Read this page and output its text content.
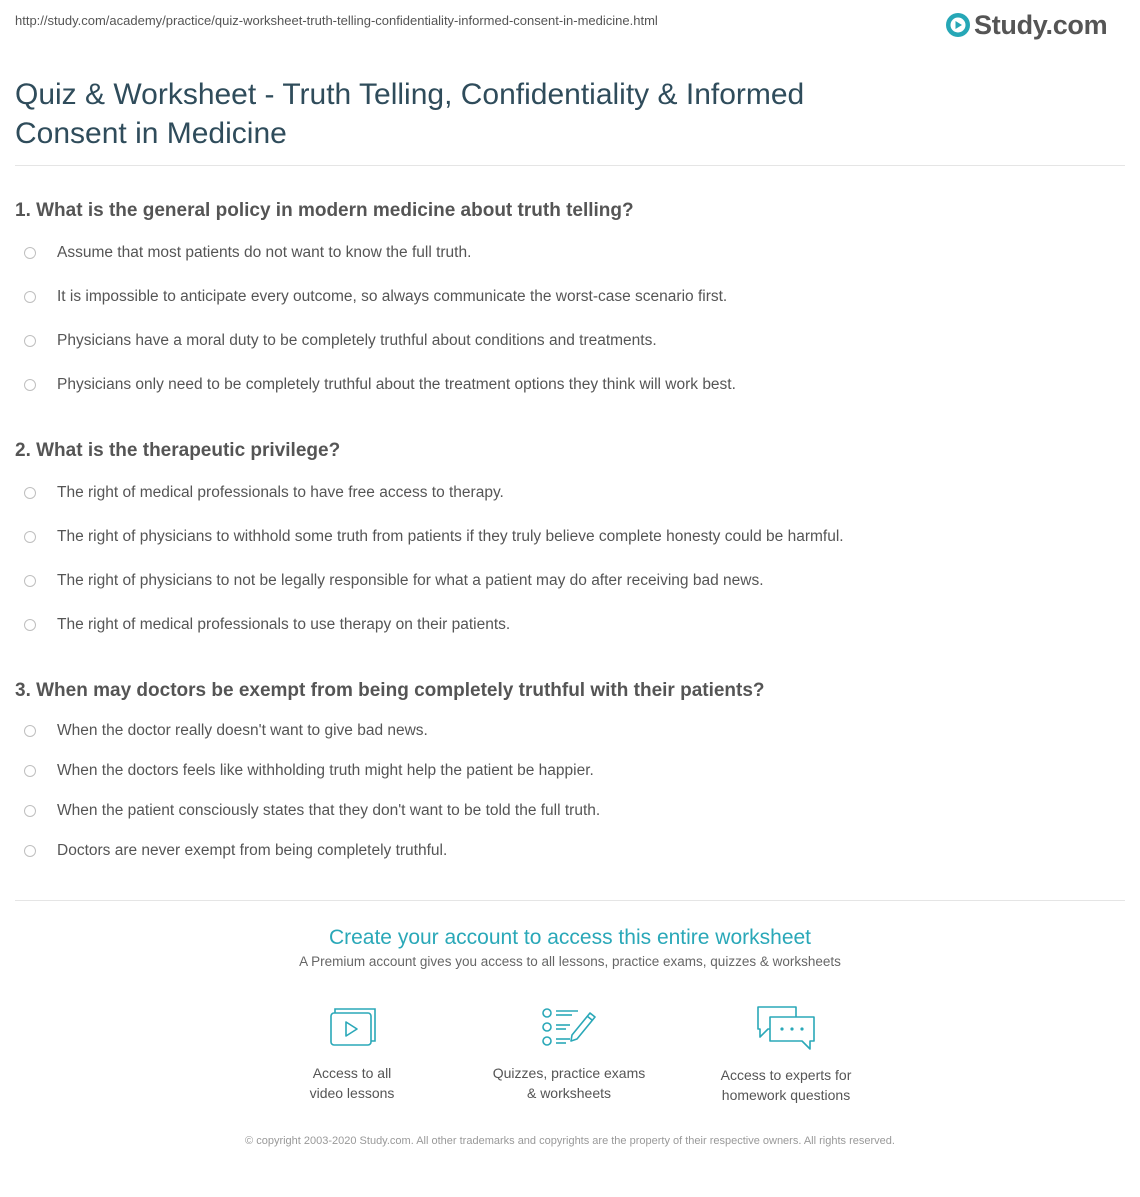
http://study.com/academy/practice/quiz-worksheet-truth-telling-confidentiality-informed-consent-in-medicine.html	Study.com
Quiz & Worksheet - Truth Telling, Confidentiality & Informed Consent in Medicine
1. What is the general policy in modern medicine about truth telling?
Assume that most patients do not want to know the full truth.
It is impossible to anticipate every outcome, so always communicate the worst-case scenario first.
Physicians have a moral duty to be completely truthful about conditions and treatments.
Physicians only need to be completely truthful about the treatment options they think will work best.
2. What is the therapeutic privilege?
The right of medical professionals to have free access to therapy.
The right of physicians to withhold some truth from patients if they truly believe complete honesty could be harmful.
The right of physicians to not be legally responsible for what a patient may do after receiving bad news.
The right of medical professionals to use therapy on their patients.
3. When may doctors be exempt from being completely truthful with their patients?
When the doctor really doesn't want to give bad news.
When the doctors feels like withholding truth might help the patient be happier.
When the patient consciously states that they don't want to be told the full truth.
Doctors are never exempt from being completely truthful.
Create your account to access this entire worksheet

A Premium account gives you access to all lessons, practice exams, quizzes & worksheets

Access to all
video lessons
Quizzes, practice exams
& worksheets
Access to experts for
homework questions
© copyright 2003-2020 Study.com. All other trademarks and copyrights are the property of their respective owners. All rights reserved.
